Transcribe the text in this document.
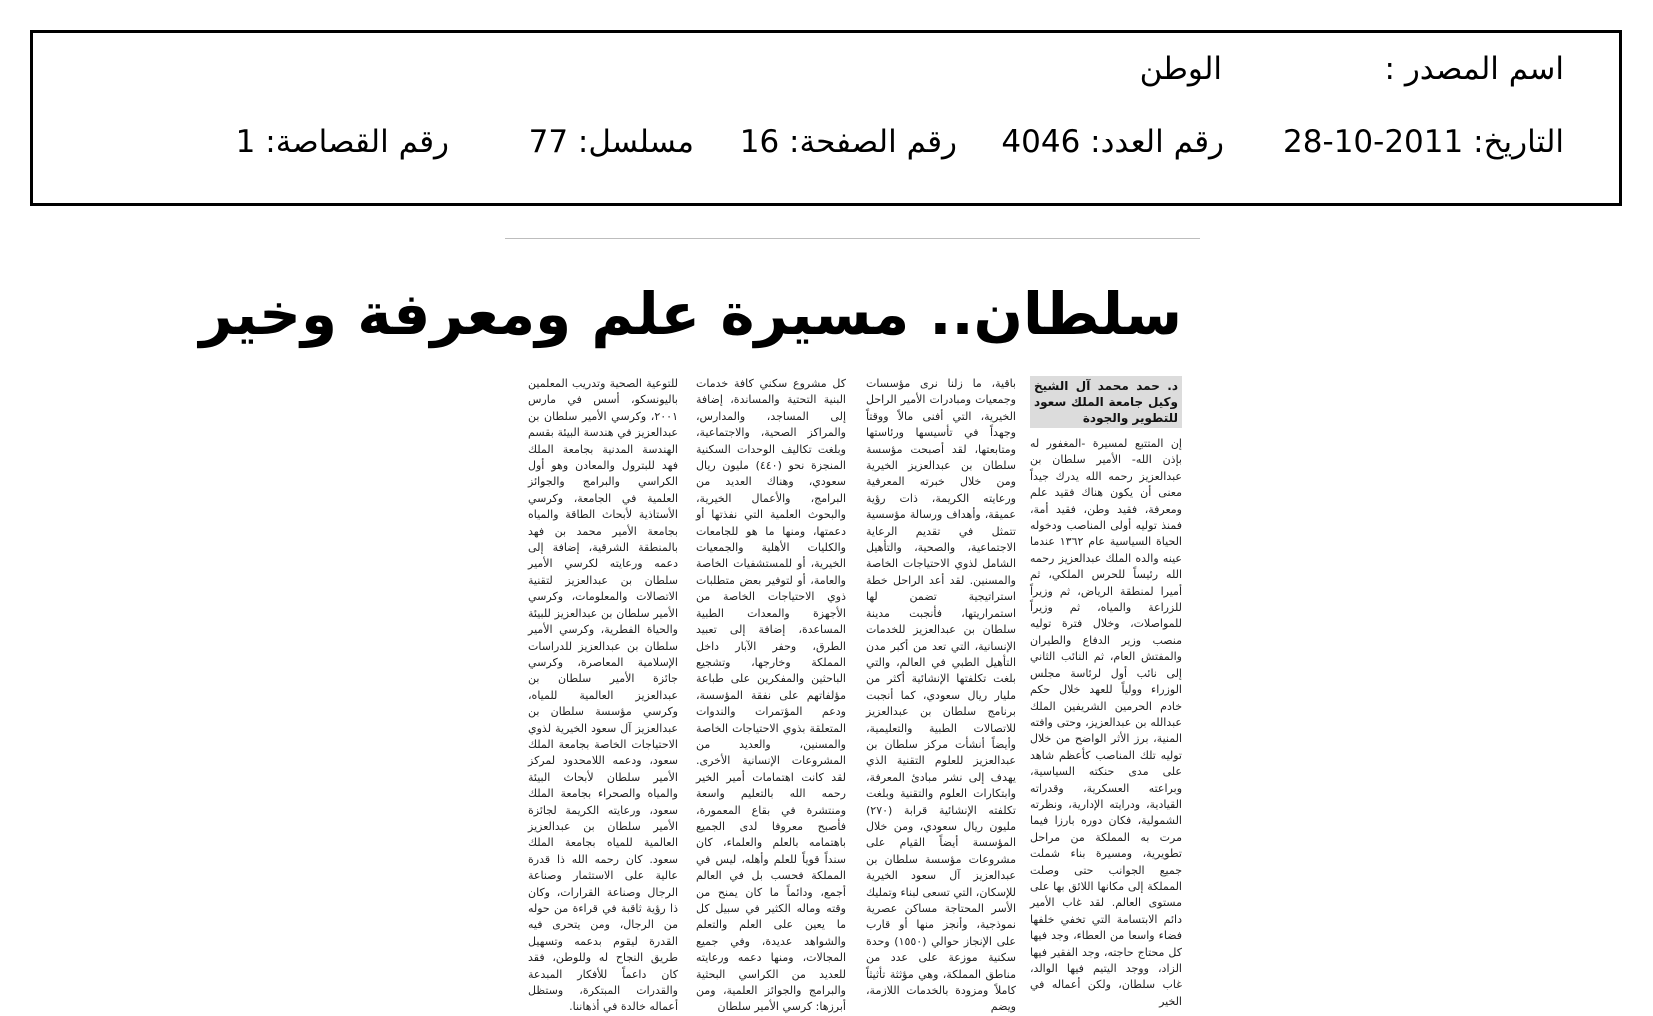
اسم المصدر :
الوطن
التاريخ: 2011-10-28
رقم العدد: 4046
رقم الصفحة: 16
مسلسل: 77
رقم القصاصة: 1
سلطان.. مسيرة علم ومعرفة وخير
د. حمد محمد آل الشيخ وكيل جامعة الملك سعود للتطوير والجودة

إن المتتبع لمسيرة -المغفور له بإذن الله- الأمير سلطان بن عبدالعزيز رحمه الله يدرك جيداً معنى أن يكون هناك فقيد علم ومعرفة، فقيد وطن، فقيد أمة، فمنذ توليه أولى المناصب ودخوله الحياة السياسية عام ١٣٦٢ عندما عينه والده الملك عبدالعزيز رحمه الله رئيساً للحرس الملكي، ثم أميرا لمنطقة الرياض، ثم وزيراً للزراعة والمياه، ثم وزيراً للمواصلات، وخلال فترة توليه منصب وزير الدفاع والطيران والمفتش العام، ثم النائب الثاني إلى نائب أول لرئاسة مجلس الوزراء وولياً للعهد خلال حكم خادم الحرمين الشريفين الملك عبدالله بن عبدالعزيز، وحتى وافته المنية، برز الأثر الواضح من خلال توليه تلك المناصب كأعظم شاهد على مدى حنكته السياسية، وبراعته العسكرية، وقدراته القيادية، ودرايته الإدارية، ونظرته الشمولية، فكان دوره بارزا فيما مرت به المملكة من مراحل تطويرية، ومسيرة بناء شملت جميع الجوانب حتى وصلت المملكة إلى مكانها اللائق بها على مستوى العالم. لقد غاب الأمير دائم الابتسامة التي تخفي خلفها فضاء واسعا من العطاء، وجد فيها كل محتاج حاجته، وجد الفقير فيها الزاد، ووجد اليتيم فيها الوالد، غاب سلطان، ولكن أعماله في الخير

باقية، ما زلنا نرى مؤسسات وجمعيات ومبادرات الأمير الراحل الخيرية، التي أفنى مالاً ووقتاً وجهداً في تأسيسها ورئاستها ومتابعتها، لقد أصبحت مؤسسة سلطان بن عبدالعزيز الخيرية ومن خلال خبرته المعرفية ورعايته الكريمة، ذات رؤية عميقة، وأهداف ورسالة مؤسسية تتمثل في تقديم الرعاية الاجتماعية، والصحية، والتأهيل الشامل لذوي الاحتياجات الخاصة والمسنين. لقد أعد الراحل خطة استراتيجية تضمن لها استمراريتها، فأنجبت مدينة سلطان بن عبدالعزيز للخدمات الإنسانية، التي تعد من أكبر مدن التأهيل الطبي في العالم، والتي بلغت تكلفتها الإنشائية أكثر من مليار ريال سعودي، كما أنجبت برنامج سلطان بن عبدالعزيز للاتصالات الطبية والتعليمية، وأيضاً أنشأت مركز سلطان بن عبدالعزيز للعلوم التقنية الذي يهدف إلى نشر مبادئ المعرفة، وابتكارات العلوم والتقنية وبلغت تكلفته الإنشائية قرابة (٢٧٠) مليون ريال سعودي، ومن خلال المؤسسة أيضاً القيام على مشروعات مؤسسة سلطان بن عبدالعزيز آل سعود الخيرية للإسكان، التي تسعى لبناء وتمليك الأسر المحتاجة مساكن عصرية نموذجية، وأنجز منها أو قارب على الإنجاز حوالي (١٥٥٠) وحدة سكنية موزعة على عدد من مناطق المملكة، وهي مؤثثة تأثيثاً كاملاً ومزودة بالخدمات اللازمة، ويضم

كل مشروع سكني كافة خدمات البنية التحتية والمساندة، إضافة إلى المساجد، والمدارس، والمراكز الصحية، والاجتماعية، وبلغت تكاليف الوحدات السكنية المنجزة نحو (٤٤٠) مليون ريال سعودي، وهناك العديد من البرامج، والأعمال الخيرية، والبحوث العلمية التي نفذتها أو دعمتها، ومنها ما هو للجامعات والكليات الأهلية والجمعيات الخيرية، أو للمستشفيات الخاصة والعامة، أو لتوفير بعض متطلبات ذوي الاحتياجات الخاصة من الأجهزة والمعدات الطبية المساعدة، إضافة إلى تعبيد الطرق، وحفر الآبار داخل المملكة وخارجها، وتشجيع الباحثين والمفكرين على طباعة مؤلفاتهم على نفقة المؤسسة، ودعم المؤتمرات والندوات المتعلقة بذوي الاحتياجات الخاصة والمسنين، والعديد من المشروعات الإنسانية الأخرى. لقد كانت اهتمامات أمير الخير رحمه الله بالتعليم واسعة ومنتشرة في بقاع المعمورة، فأصبح معروفا لدى الجميع باهتمامه بالعلم والعلماء، كان سنداً قوياً للعلم وأهله، ليس في المملكة فحسب بل في العالم أجمع، ودائماً ما كان يمنح من وقته وماله الكثير في سبيل كل ما يعين على العلم والتعلم والشواهد عديدة، وفي جميع المجالات، ومنها دعمه ورعايته للعديد من الكراسي البحثية والبرامج والجوائز العلمية، ومن أبرزها: كرسي الأمير سلطان

للتوعية الصحية وتدريب المعلمين باليونسكو، أسس في مارس ٢٠٠١، وكرسي الأمير سلطان بن عبدالعزيز في هندسة البيئة بقسم الهندسة المدنية بجامعة الملك فهد للبترول والمعادن وهو أول الكراسي والبرامج والجوائز العلمية في الجامعة، وكرسي الأستاذية لأبحاث الطاقة والمياه بجامعة الأمير محمد بن فهد بالمنطقة الشرقية، إضافة إلى دعمه ورعايته لكرسي الأمير سلطان بن عبدالعزيز لتقنية الاتصالات والمعلومات، وكرسي الأمير سلطان بن عبدالعزيز للبيئة والحياة الفطرية، وكرسي الأمير سلطان بن عبدالعزيز للدراسات الإسلامية المعاصرة، وكرسي جائزة الأمير سلطان بن عبدالعزيز العالمية للمياه، وكرسي مؤسسة سلطان بن عبدالعزيز آل سعود الخيرية لذوي الاحتياجات الخاصة بجامعة الملك سعود، ودعمه اللامحدود لمركز الأمير سلطان لأبحاث البيئة والمياه والصحراء بجامعة الملك سعود، ورعايته الكريمة لجائزة الأمير سلطان بن عبدالعزيز العالمية للمياه بجامعة الملك سعود. كان رحمه الله ذا قدرة عالية على الاستثمار وصناعة الرجال وصناعة القرارات، وكان ذا رؤية ثاقبة في قراءة من حوله من الرجال، ومن يتحرى فيه القدرة ليقوم بدعمه وتسهيل طريق النجاح له وللوطن، فقد كان داعماً للأفكار المبدعة والقدرات المبتكرة، وستظل أعماله خالدة في أذهاننا.
